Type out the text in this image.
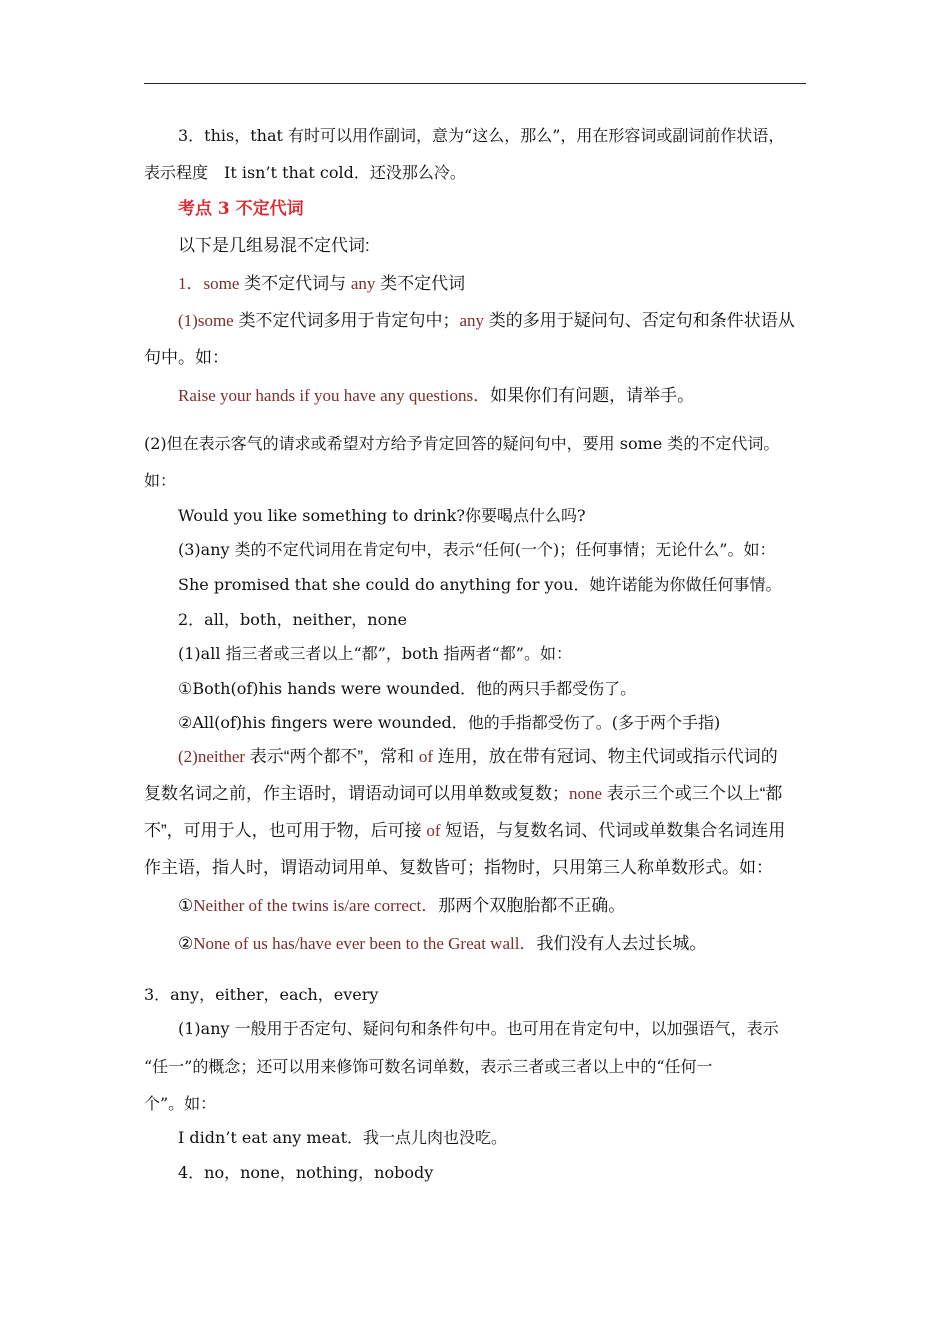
3．this，that 有时可以用作副词，意为“这么，那么”，用在形容词或副词前作状语，
表示程度　It isn’t that cold．还没那么冷。
考点 3 不定代词
以下是几组易混不定代词:
1．some 类不定代词与 any 类不定代词
(1)some 类不定代词多用于肯定句中；any 类的多用于疑问句、否定句和条件状语从
句中。如：
Raise your hands if you have any questions．如果你们有问题，请举手。
(2)但在表示客气的请求或希望对方给予肯定回答的疑问句中，要用 some 类的不定代词。
如：
Would you like something to drink?你要喝点什么吗?
(3)any 类的不定代词用在肯定句中，表示“任何(一个)；任何事情；无论什么”。如：
She promised that she could do anything for you．她许诺能为你做任何事情。
2．all，both，neither，none
(1)all 指三者或三者以上“都”，both 指两者“都”。如：
①Both(of)his hands were wounded．他的两只手都受伤了。
②All(of)his fingers were wounded．他的手指都受伤了。(多于两个手指)
(2)neither 表示“两个都不”，常和 of 连用，放在带有冠词、物主代词或指示代词的
复数名词之前，作主语时，谓语动词可以用单数或复数；none 表示三个或三个以上“都
不”，可用于人，也可用于物，后可接 of 短语，与复数名词、代词或单数集合名词连用
作主语，指人时，谓语动词用单、复数皆可；指物时，只用第三人称单数形式。如：
①Neither of the twins is/are correct．那两个双胞胎都不正确。
②None of us has/have ever been to the Great wall．我们没有人去过长城。
3．any，either，each，every
(1)any 一般用于否定句、疑问句和条件句中。也可用在肯定句中，以加强语气，表示
“任一”的概念；还可以用来修饰可数名词单数，表示三者或三者以上中的“任何一
个”。如：
I didn’t eat any meat．我一点儿肉也没吃。
4．no，none，nothing，nobody
